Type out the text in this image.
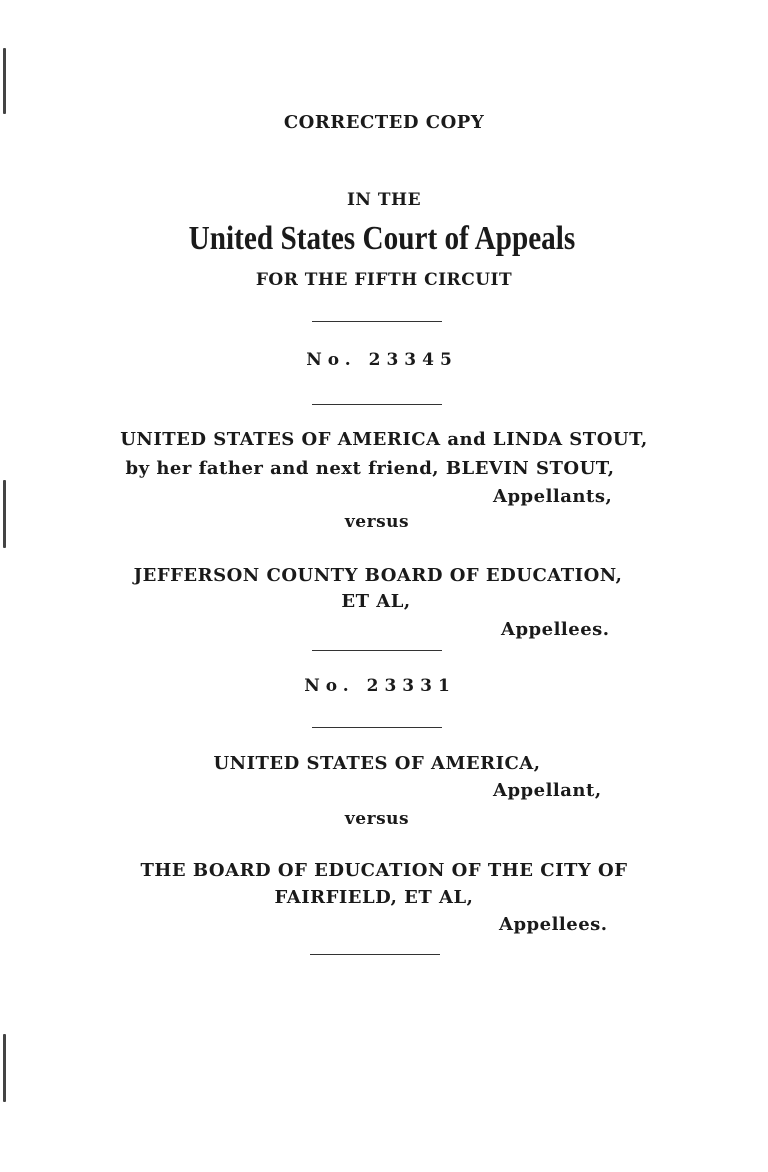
CORRECTED COPY
IN THE
United States Court of Appeals
FOR THE FIFTH CIRCUIT
No. 23345
UNITED STATES OF AMERICA and LINDA STOUT,
by her father and next friend, BLEVIN STOUT,
Appellants,
versus
JEFFERSON COUNTY BOARD OF EDUCATION,
ET AL,
Appellees.
No. 23331
UNITED STATES OF AMERICA,
Appellant,
versus
THE BOARD OF EDUCATION OF THE CITY OF
FAIRFIELD, ET AL,
Appellees.
